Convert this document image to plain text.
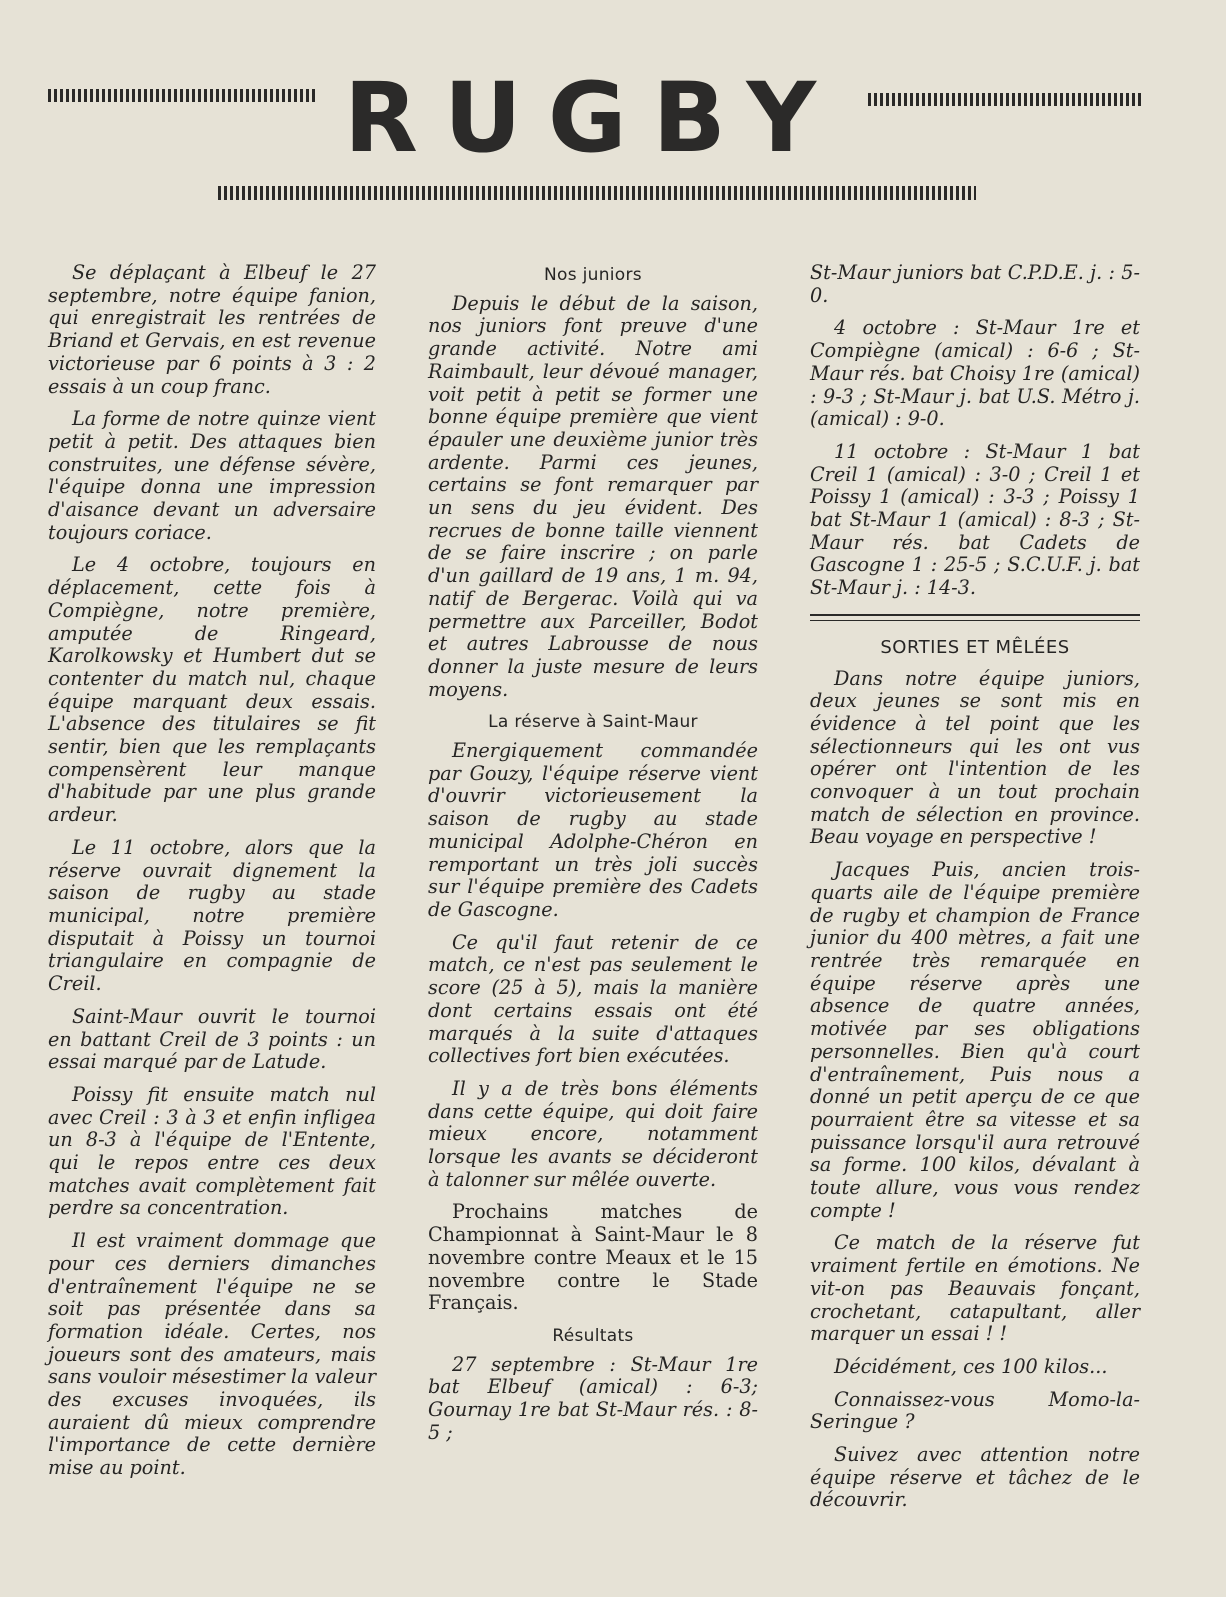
RUGBY

Se déplaçant à Elbeuf le 27 septembre, notre équipe fanion, qui enregistrait les rentrées de Briand et Gervais, en est revenue victorieuse par 6 points à 3 : 2 essais à un coup franc.

La forme de notre quinze vient petit à petit. Des attaques bien construites, une défense sévère, l'équipe donna une impression d'aisance devant un adversaire toujours coriace.

Le 4 octobre, toujours en déplacement, cette fois à Compiègne, notre première, amputée de Ringeard, Karolkowsky et Humbert dut se contenter du match nul, chaque équipe marquant deux essais. L'absence des titulaires se fit sentir, bien que les remplaçants compensèrent leur manque d'habitude par une plus grande ardeur.

Le 11 octobre, alors que la réserve ouvrait dignement la saison de rugby au stade municipal, notre première disputait à Poissy un tournoi triangulaire en compagnie de Creil.

Saint-Maur ouvrit le tournoi en battant Creil de 3 points : un essai marqué par de Latude.

Poissy fit ensuite match nul avec Creil : 3 à 3 et enfin infligea un 8-3 à l'équipe de l'Entente, qui le repos entre ces deux matches avait complètement fait perdre sa concentration.

Il est vraiment dommage que pour ces derniers dimanches d'entraînement l'équipe ne se soit pas présentée dans sa formation idéale. Certes, nos joueurs sont des amateurs, mais sans vouloir mésestimer la valeur des excuses invoquées, ils auraient dû mieux comprendre l'importance de cette dernière mise au point.

Nos juniors

Depuis le début de la saison, nos juniors font preuve d'une grande activité. Notre ami Raimbault, leur dévoué manager, voit petit à petit se former une bonne équipe première que vient épauler une deuxième junior très ardente. Parmi ces jeunes, certains se font remarquer par un sens du jeu évident. Des recrues de bonne taille viennent de se faire inscrire ; on parle d'un gaillard de 19 ans, 1 m. 94, natif de Bergerac. Voilà qui va permettre aux Parceiller, Bodot et autres Labrousse de nous donner la juste mesure de leurs moyens.

La réserve à Saint-Maur

Energiquement commandée par Gouzy, l'équipe réserve vient d'ouvrir victorieusement la saison de rugby au stade municipal Adolphe-Chéron en remportant un très joli succès sur l'équipe première des Cadets de Gascogne.

Ce qu'il faut retenir de ce match, ce n'est pas seulement le score (25 à 5), mais la manière dont certains essais ont été marqués à la suite d'attaques collectives fort bien exécutées.

Il y a de très bons éléments dans cette équipe, qui doit faire mieux encore, notamment lorsque les avants se décideront à talonner sur mêlée ouverte.

Prochains matches de Championnat à Saint-Maur le 8 novembre contre Meaux et le 15 novembre contre le Stade Français.

Résultats

27 septembre : St-Maur 1re bat Elbeuf (amical) : 6-3; Gournay 1re bat St-Maur rés. : 8-5 ;

St-Maur juniors bat C.P.D.E. j. : 5-0.

4 octobre : St-Maur 1re et Compiègne (amical) : 6-6 ; St-Maur rés. bat Choisy 1re (amical) : 9-3 ; St-Maur j. bat U.S. Métro j. (amical) : 9-0.

11 octobre : St-Maur 1 bat Creil 1 (amical) : 3-0 ; Creil 1 et Poissy 1 (amical) : 3-3 ; Poissy 1 bat St-Maur 1 (amical) : 8-3 ; St-Maur rés. bat Cadets de Gascogne 1 : 25-5 ; S.C.U.F. j. bat St-Maur j. : 14-3.

SORTIES ET MÊLÉES

Dans notre équipe juniors, deux jeunes se sont mis en évidence à tel point que les sélectionneurs qui les ont vus opérer ont l'intention de les convoquer à un tout prochain match de sélection en province. Beau voyage en perspective !

Jacques Puis, ancien trois-quarts aile de l'équipe première de rugby et champion de France junior du 400 mètres, a fait une rentrée très remarquée en équipe réserve après une absence de quatre années, motivée par ses obligations personnelles. Bien qu'à court d'entraînement, Puis nous a donné un petit aperçu de ce que pourraient être sa vitesse et sa puissance lorsqu'il aura retrouvé sa forme. 100 kilos, dévalant à toute allure, vous vous rendez compte !

Ce match de la réserve fut vraiment fertile en émotions. Ne vit-on pas Beauvais fonçant, crochetant, catapultant, aller marquer un essai ! !

Décidément, ces 100 kilos...

Connaissez-vous Momo-la-Seringue ?

Suivez avec attention notre équipe réserve et tâchez de le découvrir.
